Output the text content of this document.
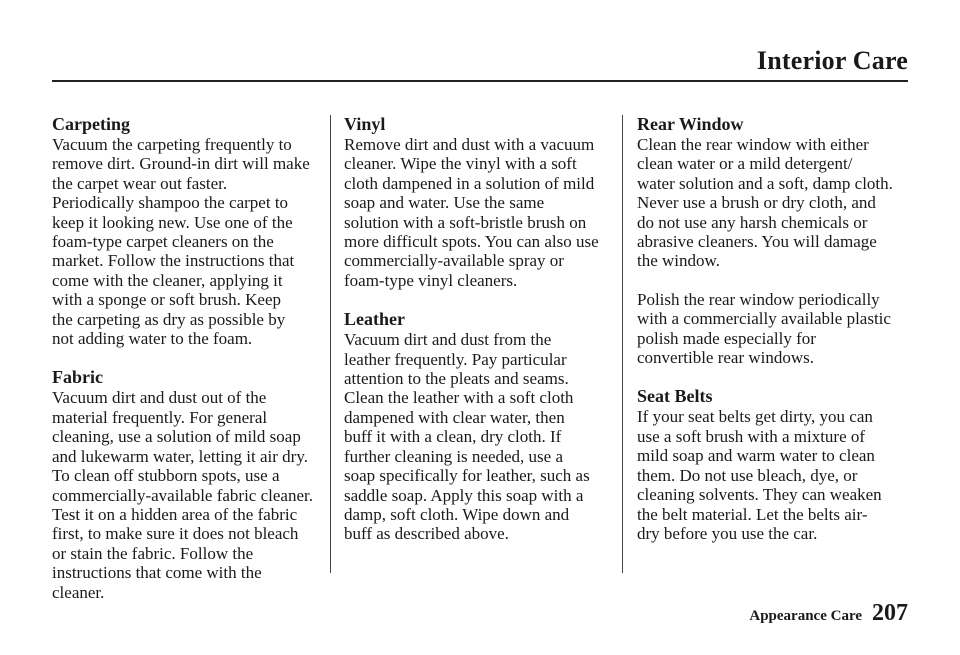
Interior Care
Carpeting

Vacuum the carpeting frequently to
remove dirt. Ground-in dirt will make
the carpet wear out faster.
Periodically shampoo the carpet to
keep it looking new. Use one of the
foam-type carpet cleaners on the
market. Follow the instructions that
come with the cleaner, applying it
with a sponge or soft brush. Keep
the carpeting as dry as possible by
not adding water to the foam.

Fabric

Vacuum dirt and dust out of the
material frequently. For general
cleaning, use a solution of mild soap
and lukewarm water, letting it air dry.
To clean off stubborn spots, use a
commercially-available fabric cleaner.
Test it on a hidden area of the fabric
first, to make sure it does not bleach
or stain the fabric. Follow the
instructions that come with the
cleaner.

Vinyl

Remove dirt and dust with a vacuum
cleaner. Wipe the vinyl with a soft
cloth dampened in a solution of mild
soap and water. Use the same
solution with a soft-bristle brush on
more difficult spots. You can also use
commercially-available spray or
foam-type vinyl cleaners.

Leather

Vacuum dirt and dust from the
leather frequently. Pay particular
attention to the pleats and seams.
Clean the leather with a soft cloth
dampened with clear water, then
buff it with a clean, dry cloth. If
further cleaning is needed, use a
soap specifically for leather, such as
saddle soap. Apply this soap with a
damp, soft cloth. Wipe down and
buff as described above.

Rear Window

Clean the rear window with either
clean water or a mild detergent/
water solution and a soft, damp cloth.
Never use a brush or dry cloth, and
do not use any harsh chemicals or
abrasive cleaners. You will damage
the window.

Polish the rear window periodically
with a commercially available plastic
polish made especially for
convertible rear windows.

Seat Belts

If your seat belts get dirty, you can
use a soft brush with a mixture of
mild soap and warm water to clean
them. Do not use bleach, dye, or
cleaning solvents. They can weaken
the belt material. Let the belts air-
dry before you use the car.

Appearance Care 207
